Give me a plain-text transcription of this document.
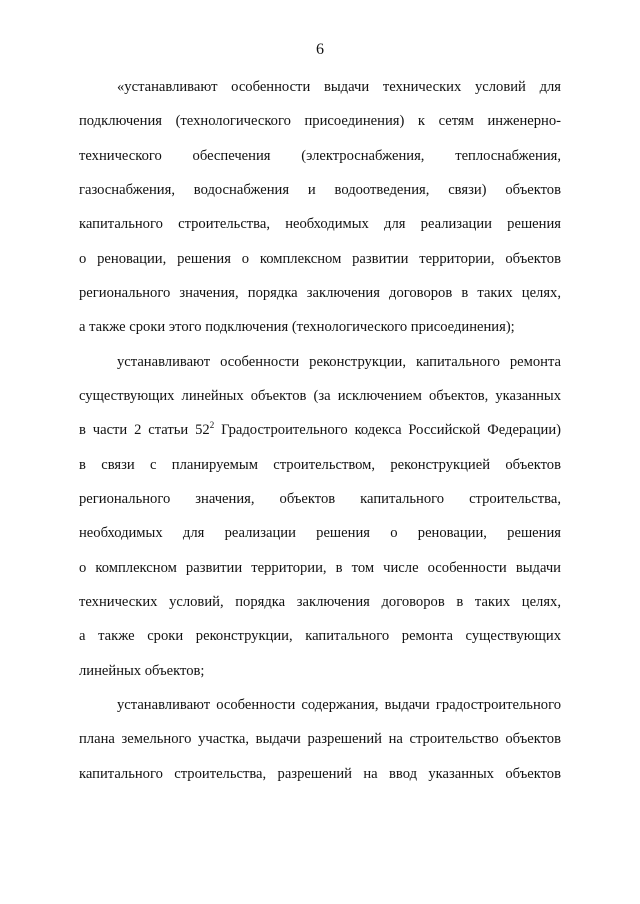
6
«устанавливают особенности выдачи технических условий для
подключения (технологического присоединения) к сетям инженерно-
технического обеспечения (электроснабжения, теплоснабжения,
газоснабжения, водоснабжения и водоотведения, связи) объектов
капитального строительства, необходимых для реализации решения
о реновации, решения о комплексном развитии территории, объектов
регионального значения, порядка заключения договоров в таких целях,
а также сроки этого подключения (технологического присоединения);
устанавливают особенности реконструкции, капитального ремонта
существующих линейных объектов (за исключением объектов, указанных
в части 2 статьи $52^2$ Градостроительного кодекса Российской Федерации)
в связи с планируемым строительством, реконструкцией объектов
регионального значения, объектов капитального строительства,
необходимых для реализации решения о реновации, решения
о комплексном развитии территории, в том числе особенности выдачи
технических условий, порядка заключения договоров в таких целях,
а также сроки реконструкции, капитального ремонта существующих
линейных объектов;
устанавливают особенности содержания, выдачи градостроительного
плана земельного участка, выдачи разрешений на строительство объектов
капитального строительства, разрешений на ввод указанных объектов
